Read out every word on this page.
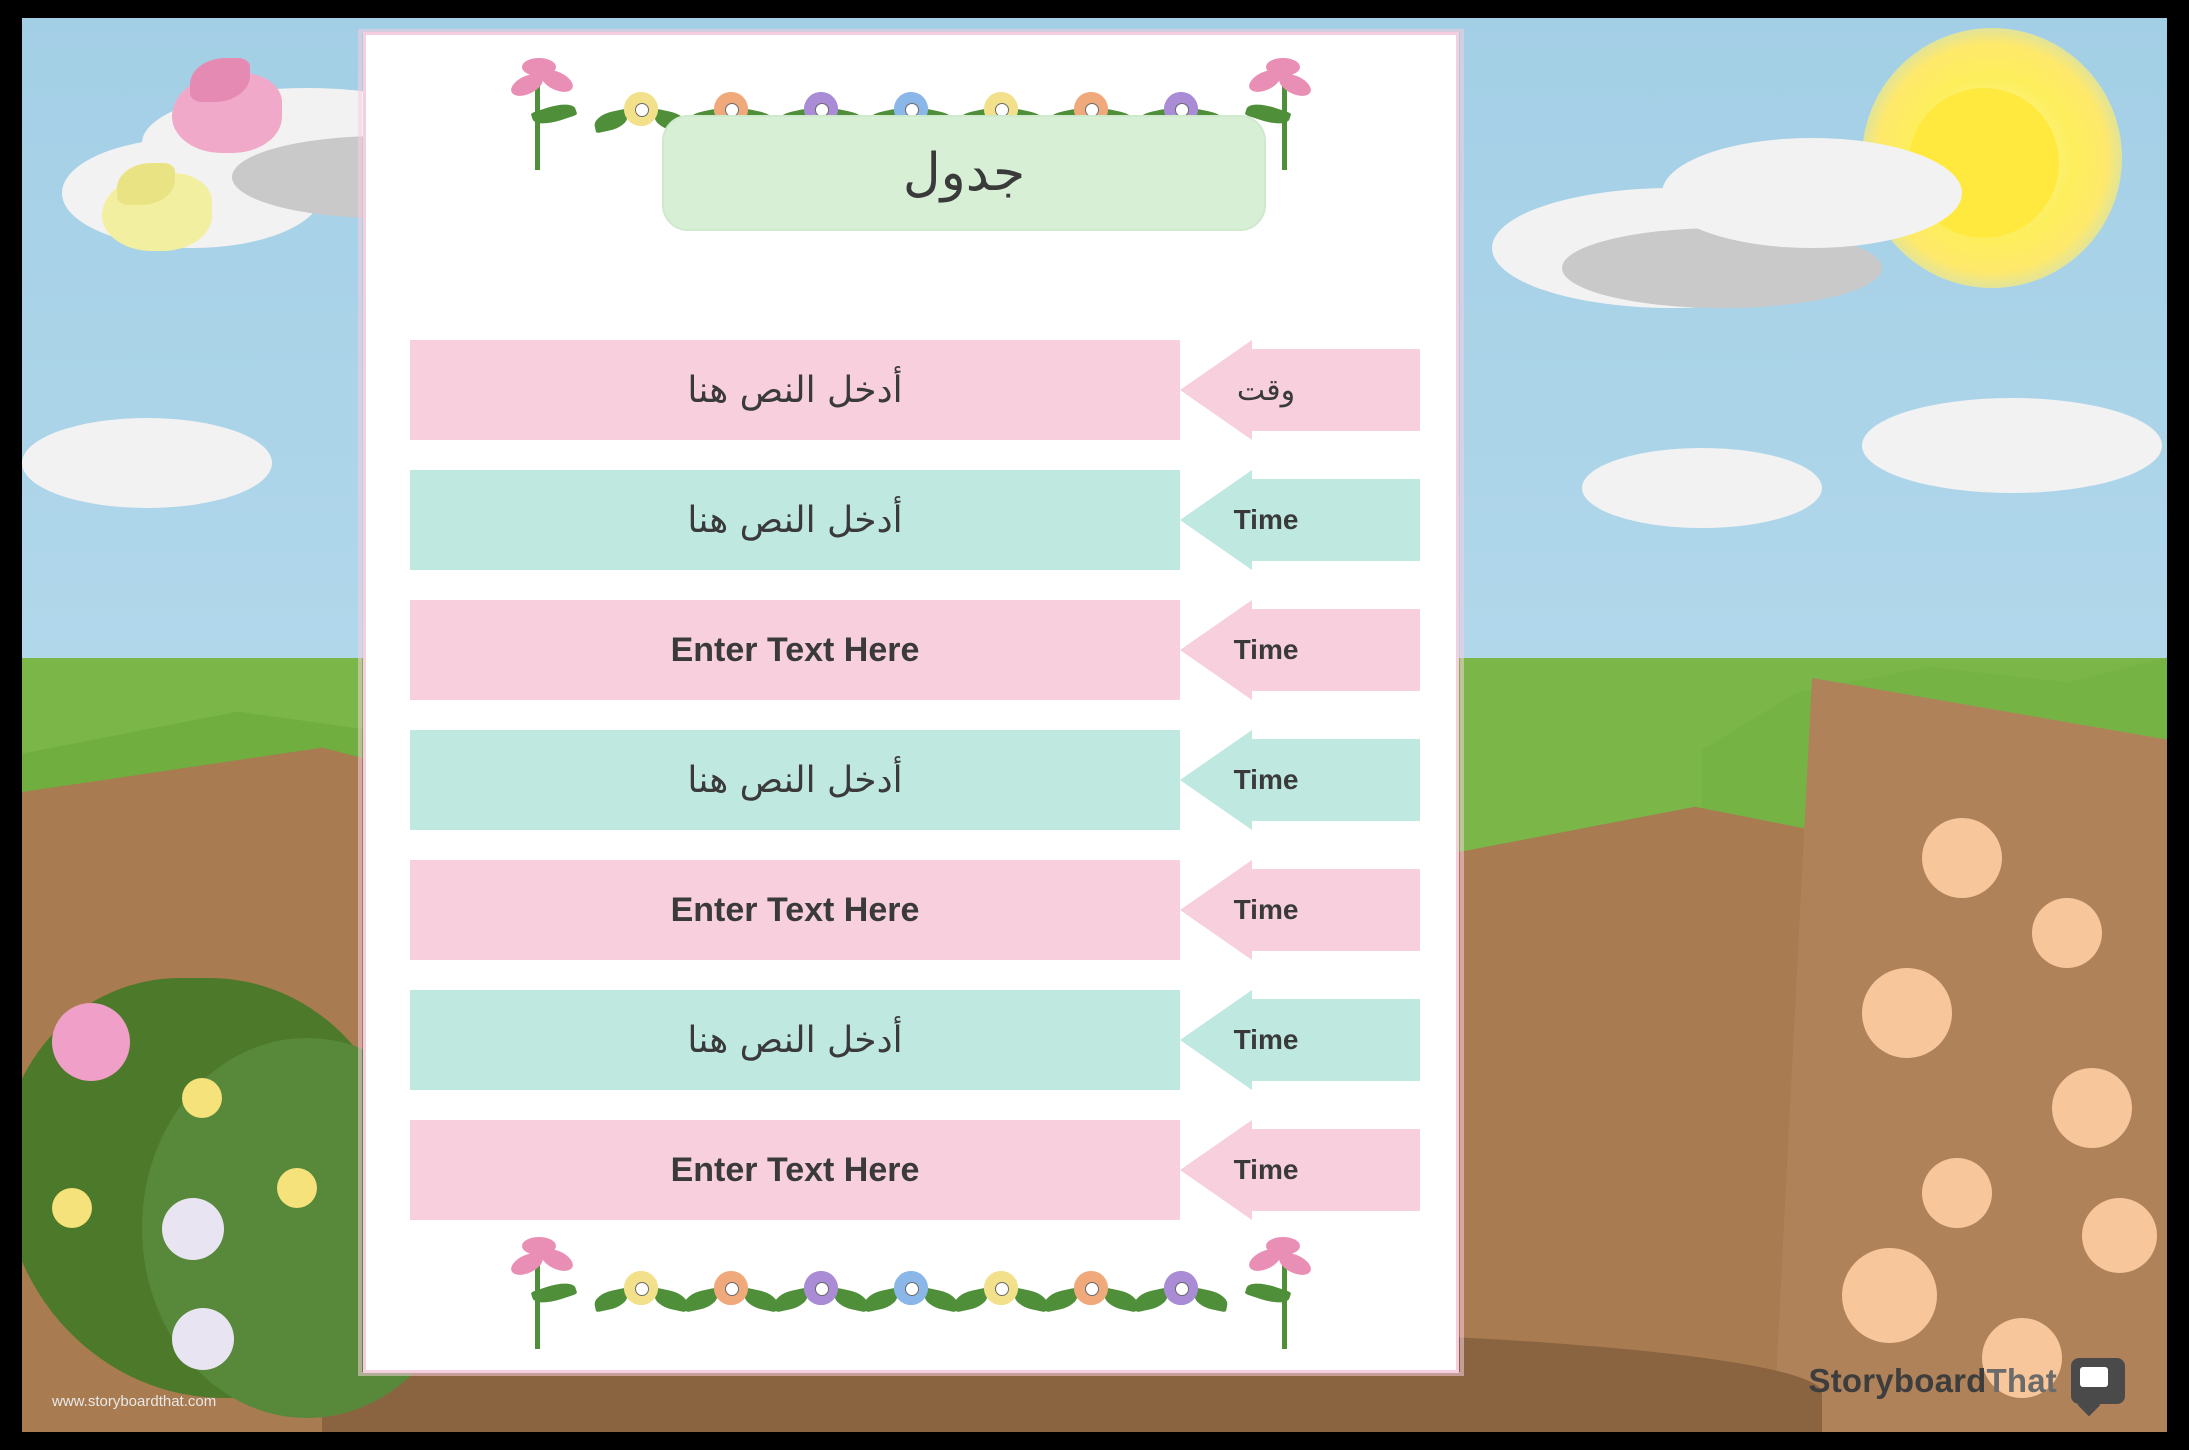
www.storyboardthat.com
StoryboardThat
جدول
وقت
أدخل النص هنا
Time
أدخل النص هنا
Time
Enter Text Here
Time
أدخل النص هنا
Time
Enter Text Here
Time
أدخل النص هنا
Time
Enter Text Here
